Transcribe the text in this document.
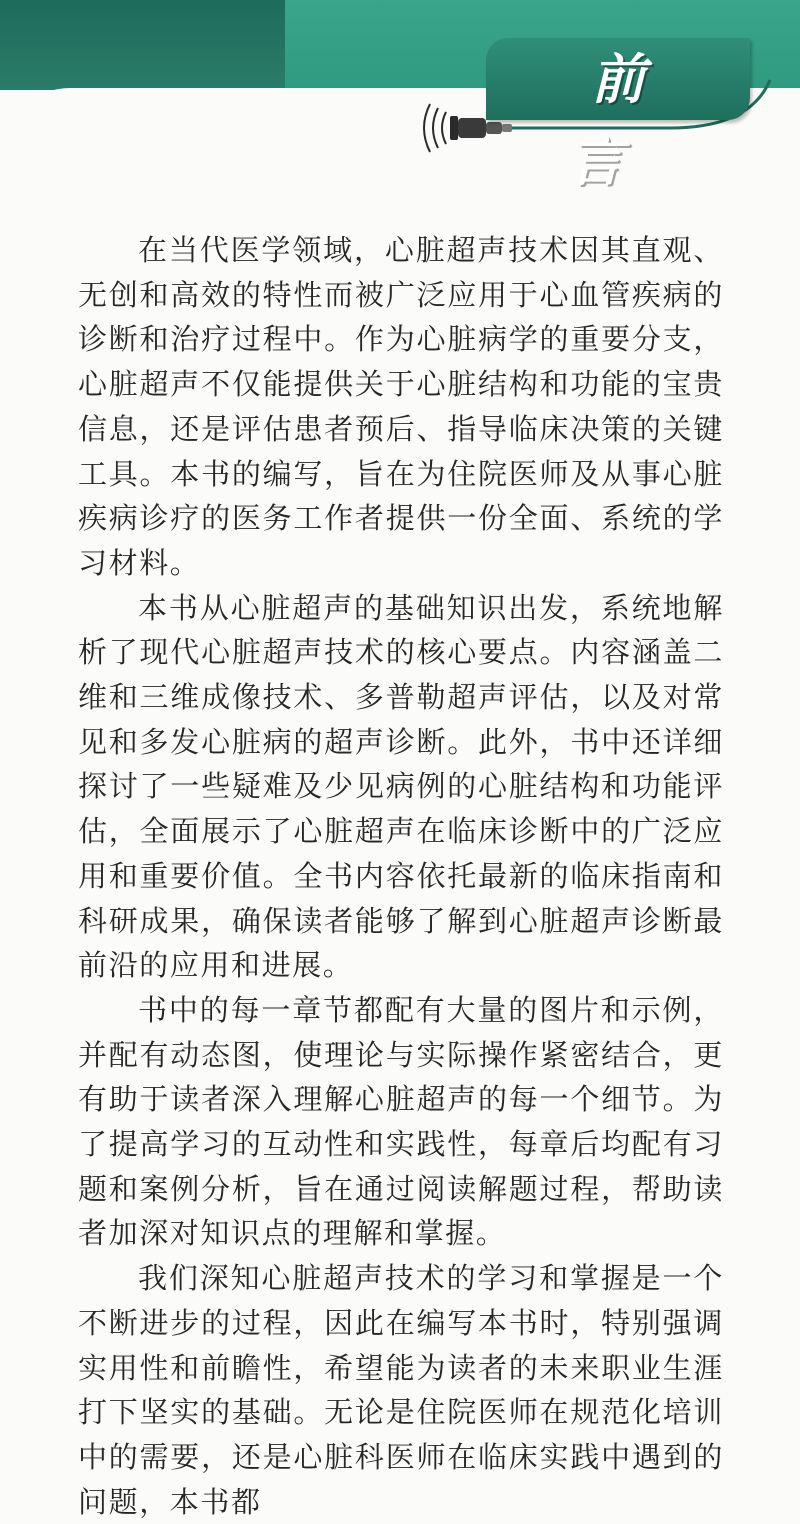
前 言

在当代医学领域，心脏超声技术因其直观、无创和高效的特性而被广泛应用于心血管疾病的诊断和治疗过程中。作为心脏病学的重要分支，心脏超声不仅能提供关于心脏结构和功能的宝贵信息，还是评估患者预后、指导临床决策的关键工具。本书的编写，旨在为住院医师及从事心脏疾病诊疗的医务工作者提供一份全面、系统的学习材料。

本书从心脏超声的基础知识出发，系统地解析了现代心脏超声技术的核心要点。内容涵盖二维和三维成像技术、多普勒超声评估，以及对常见和多发心脏病的超声诊断。此外，书中还详细探讨了一些疑难及少见病例的心脏结构和功能评估，全面展示了心脏超声在临床诊断中的广泛应用和重要价值。全书内容依托最新的临床指南和科研成果，确保读者能够了解到心脏超声诊断最前沿的应用和进展。

书中的每一章节都配有大量的图片和示例，并配有动态图，使理论与实际操作紧密结合，更有助于读者深入理解心脏超声的每一个细节。为了提高学习的互动性和实践性，每章后均配有习题和案例分析，旨在通过阅读解题过程，帮助读者加深对知识点的理解和掌握。

我们深知心脏超声技术的学习和掌握是一个不断进步的过程，因此在编写本书时，特别强调实用性和前瞻性，希望能为读者的未来职业生涯打下坚实的基础。无论是住院医师在规范化培训中的需要，还是心脏科医师在临床实践中遇到的问题，本书都
